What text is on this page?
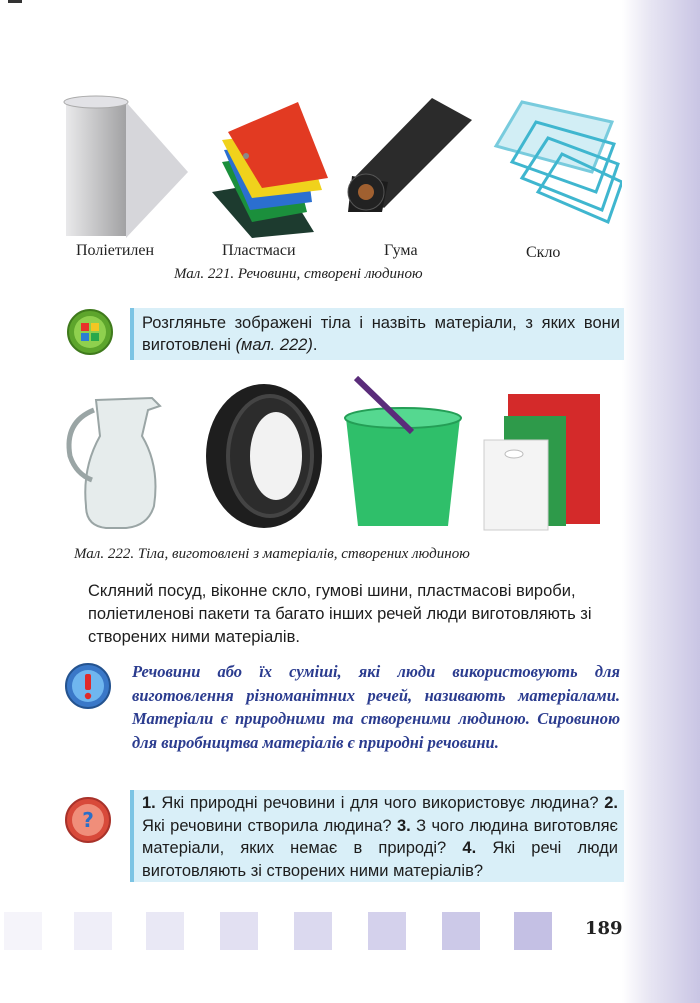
Поліетилен	Пластмаси	Гума	Скло
Мал. 221. Речовини, створені людиною
Розгляньте зображені тіла і назвіть матеріали, з яких вони виготовлені (мал. 222).
Мал. 222. Тіла, виготовлені з матеріалів, створених людиною

Скляний посуд, віконне скло, гумові шини, пластмасові вироби, поліетиленові пакети та багато інших речей люди виготовляють зі створених ними матеріалів.

Речовини або їх суміші, які люди використовують для виготовлення різноманітних речей, називають матеріалами. Матеріали є природними та створеними людиною. Сировиною для виробництва матеріалів є природні речовини.
?
1. Які природні речовини і для чого використовує людина? 2. Які речовини створила людина? 3. З чого людина виготовляє матеріали, яких немає в природі? 4. Які речі люди виготовляють зі створених ними матеріалів?
189
